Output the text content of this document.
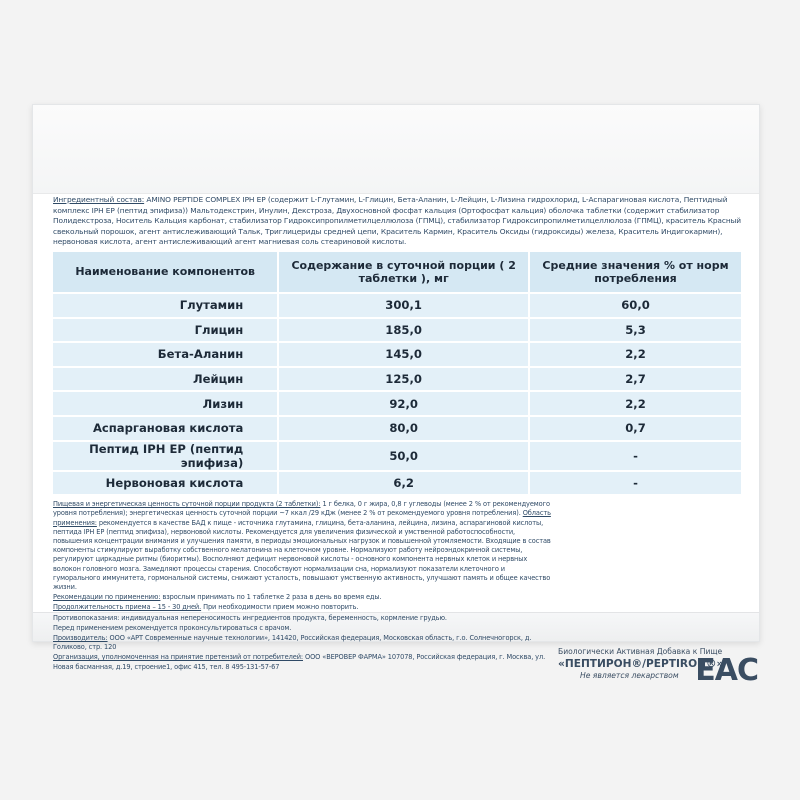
Ингредиентный состав: AMINO PEPTIDE COMPLEX IPH EP (содержит L-Глутамин, L-Глицин, Бета-Аланин, L-Лейцин, L-Лизина гидрохлорид, L-Аспарагиновая кислота, Пептидный комплекс IPH EP (пептид эпифиза)) Мальтодекстрин, Инулин, Декстроза, Двухосновной фосфат кальция (Ортофосфат кальция) оболочка таблетки (содержит стабилизатор Полидекстроза, Носитель Кальция карбонат, стабилизатор Гидроксипропилметилцеллюлоза (ГПМЦ), стабилизатор Гидроксипропилметилцеллюлоза (ГПМЦ), краситель Красный свекольный порошок, агент антислеживающий Тальк, Триглицериды средней цепи, Краситель Кармин, Краситель Оксиды (гидроксиды) железа, Краситель Индигокармин), нервоновая кислота, агент антислеживающий агент магниевая соль стеариновой кислоты.
Наименование компонентов	Содержание в суточной порции ( 2 таблетки ), мг	Средние значения % от норм потребления
Глутамин	300,1	60,0
Глицин	185,0	5,3
Бета-Аланин	145,0	2,2
Лейцин	125,0	2,7
Лизин	92,0	2,2
Аспаргановая кислота	80,0	0,7
Пептид IPH EP (пептид эпифиза)	50,0	-
Нервоновая кислота	6,2	-

Пищевая и энергетическая ценность суточной порции продукта (2 таблетки): 1 г белка, 0 г жира, 0,8 г углеводы (менее 2 % от рекомендуемого уровня потребления); энергетическая ценность суточной порции ~7 ккал /29 кДж (менее 2 % от рекомендуемого уровня потребления). Область применения: рекомендуется в качестве БАД к пище - источника глутамина, глицина, бета-аланина, лейцина, лизина, аспарагиновой кислоты, пептида IPH EP (пептид эпифиза), нервоновой кислоты. Рекомендуется для увеличения физической и умственной работоспособности, повышения концентрации внимания и улучшения памяти, в периоды эмоциональных нагрузок и повышенной утомляемости. Входящие в состав компоненты стимулируют выработку собственного мелатонина на клеточном уровне. Нормализуют работу нейроэндокринной системы, регулируют циркадные ритмы (биоритмы). Восполняют дефицит нервоновой кислоты - основного компонента нервных клеток и нервных волокон головного мозга. Замедляют процессы старения. Способствуют нормализации сна, нормализуют показатели клеточного и гуморального иммунитета, гормональной системы, снижают усталость, повышают умственную активность, улучшают память и общее качество жизни.

Рекомендации по применению: взрослым принимать по 1 таблетке 2 раза в день во время еды.

Продолжительность приема – 15 - 30 дней. При необходимости прием можно повторить.

Противопоказания: индивидуальная непереносимость ингредиентов продукта, беременность, кормление грудью.

Перед применением рекомендуется проконсультироваться с врачом.

Производитель: ООО «АРТ Современные научные технологии», 141420, Российская федерация, Московская область, г.о. Солнечногорск, д. Голиково, стр. 120

Организация, уполномоченная на принятие претензий от потребителей: ООО «ВЕРОВЕР ФАРМА» 107078, Российская федерация, г. Москва, ул. Новая басманная, д.19, строение1, офис 415, тел. 8 495-131-57-67

Биологически Активная Добавка к Пище
«ПЕПТИРОН®/PEPTIRON®»
Не является лекарством ЕАС
